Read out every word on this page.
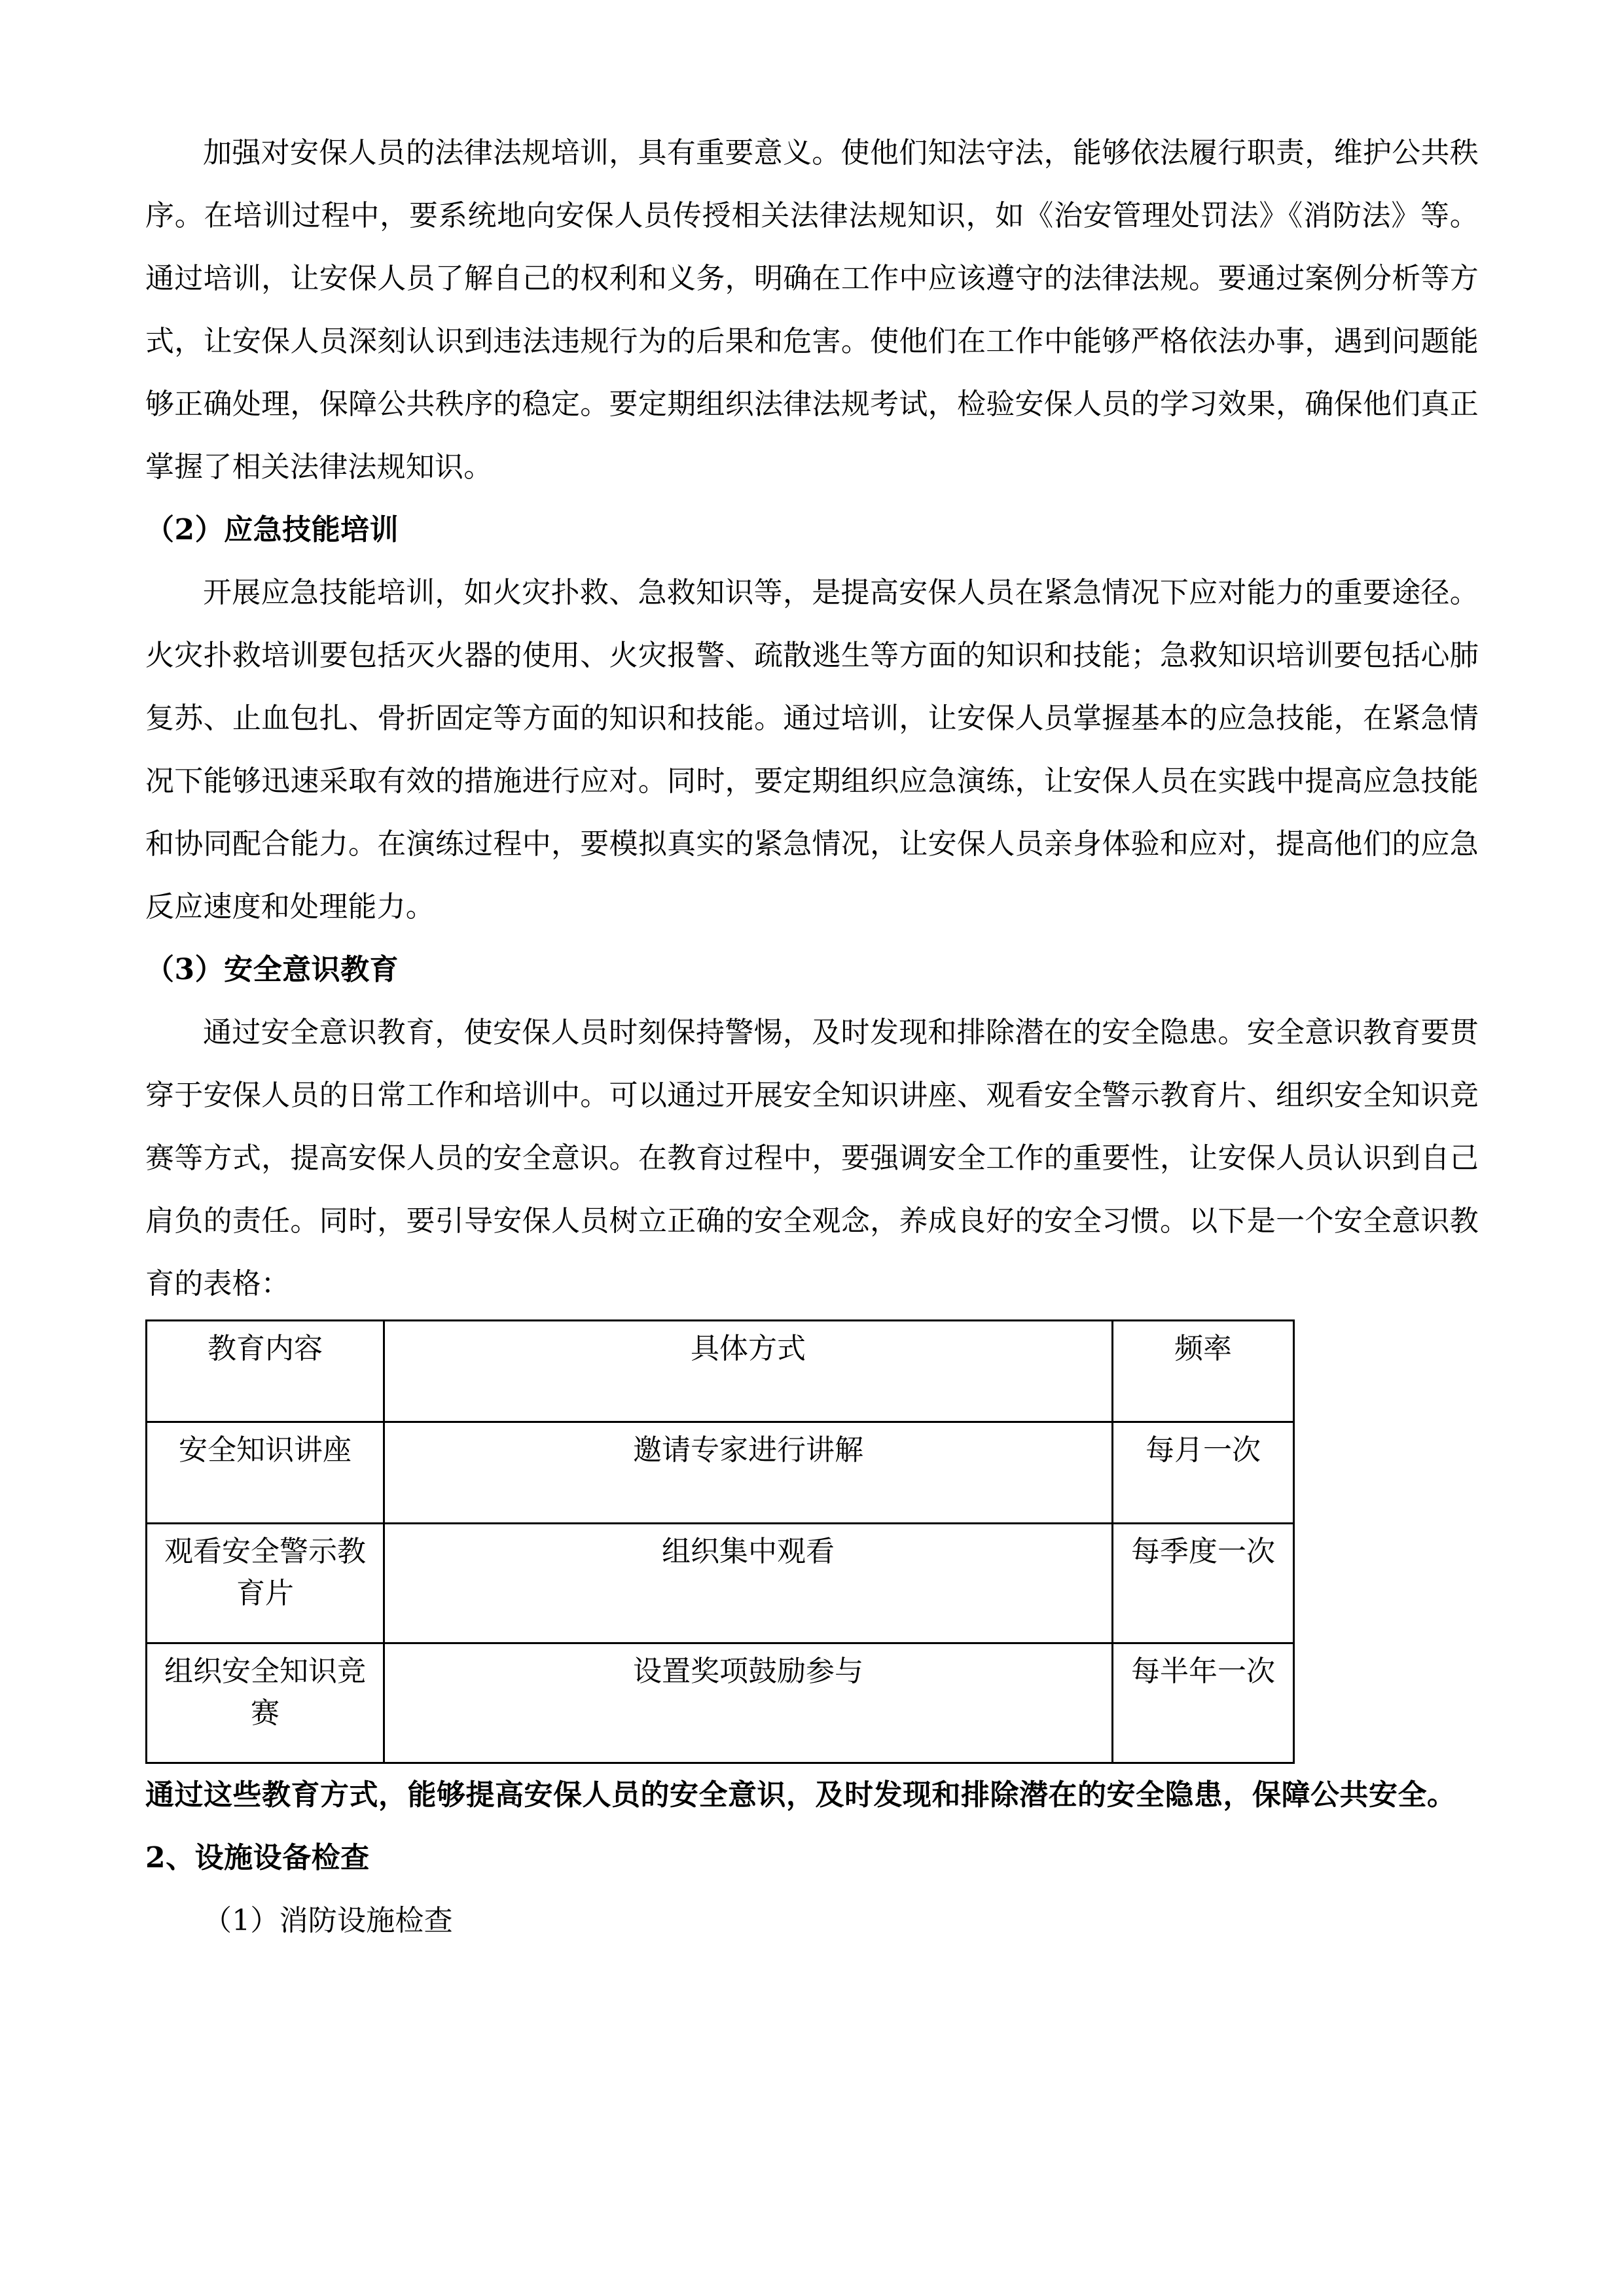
加强对安保人员的法律法规培训，具有重要意义。使他们知法守法，能够依法履行职责，维护公共秩序。在培训过程中，要系统地向安保人员传授相关法律法规知识，如《治安管理处罚法》《消防法》等。通过培训，让安保人员了解自己的权利和义务，明确在工作中应该遵守的法律法规。要通过案例分析等方式，让安保人员深刻认识到违法违规行为的后果和危害。使他们在工作中能够严格依法办事，遇到问题能够正确处理，保障公共秩序的稳定。要定期组织法律法规考试，检验安保人员的学习效果，确保他们真正掌握了相关法律法规知识。

（2）应急技能培训

开展应急技能培训，如火灾扑救、急救知识等，是提高安保人员在紧急情况下应对能力的重要途径。火灾扑救培训要包括灭火器的使用、火灾报警、疏散逃生等方面的知识和技能；急救知识培训要包括心肺复苏、止血包扎、骨折固定等方面的知识和技能。通过培训，让安保人员掌握基本的应急技能，在紧急情况下能够迅速采取有效的措施进行应对。同时，要定期组织应急演练，让安保人员在实践中提高应急技能和协同配合能力。在演练过程中，要模拟真实的紧急情况，让安保人员亲身体验和应对，提高他们的应急反应速度和处理能力。

（3）安全意识教育

通过安全意识教育，使安保人员时刻保持警惕，及时发现和排除潜在的安全隐患。安全意识教育要贯穿于安保人员的日常工作和培训中。可以通过开展安全知识讲座、观看安全警示教育片、组织安全知识竞赛等方式，提高安保人员的安全意识。在教育过程中，要强调安全工作的重要性，让安保人员认识到自己肩负的责任。同时，要引导安保人员树立正确的安全观念，养成良好的安全习惯。以下是一个安全意识教育的表格：

教育内容	具体方式	频率
安全知识讲座	邀请专家进行讲解	每月一次
观看安全警示教育片	组织集中观看	每季度一次
组织安全知识竞赛	设置奖项鼓励参与	每半年一次

通过这些教育方式，能够提高安保人员的安全意识，及时发现和排除潜在的安全隐患，保障公共安全。
2、设施设备检查

（1）消防设施检查
